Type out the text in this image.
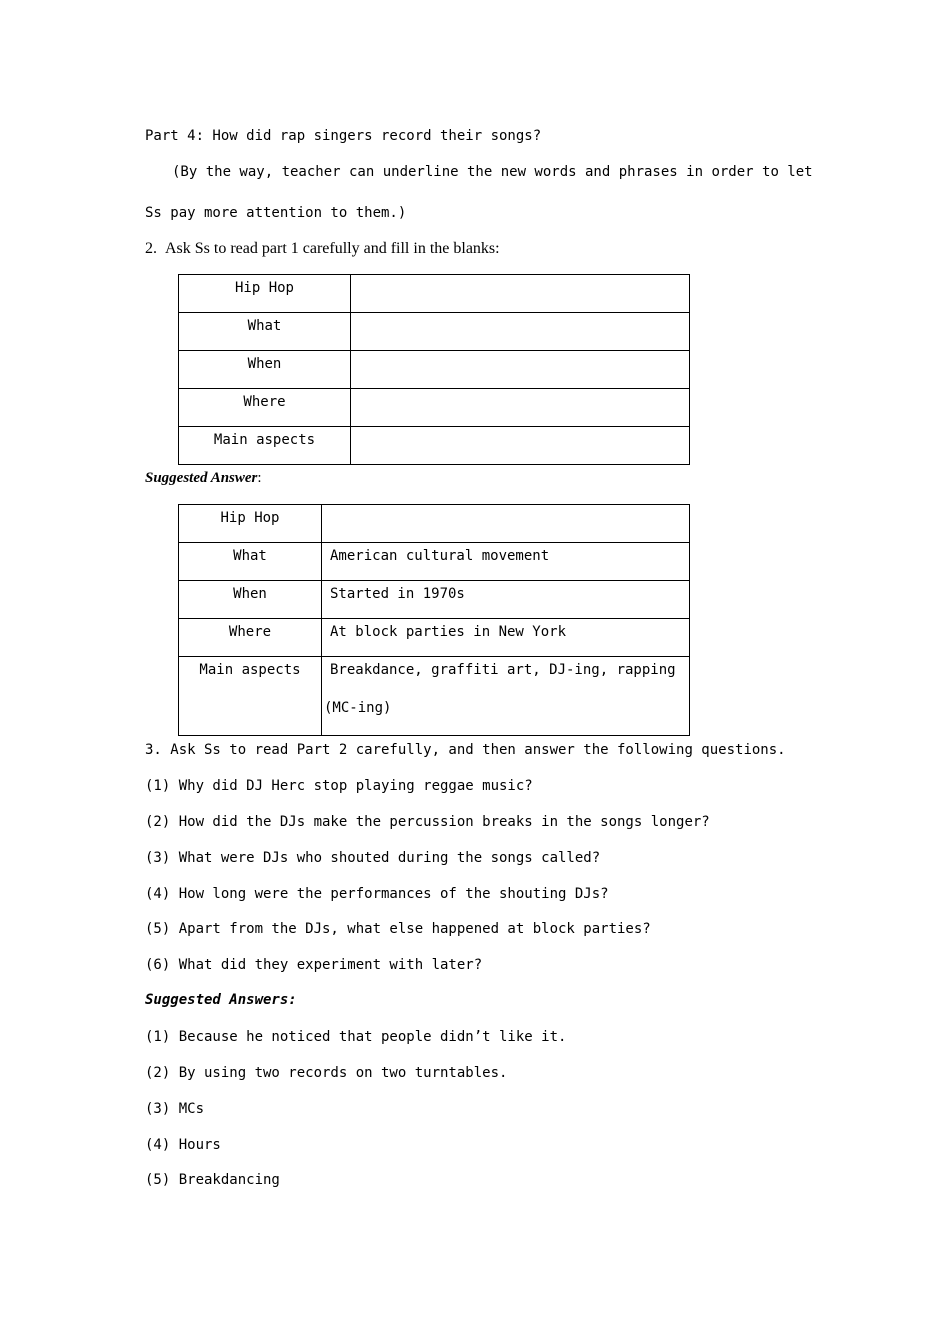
Part 4: How did rap singers record their songs?
(By the way, teacher can underline the new words and phrases in order to let
Ss pay more attention to them.)
2.  Ask Ss to read part 1 carefully and fill in the blanks:
Hip Hop	

What	

When	

Where	

Main aspects	

Suggested Answer:
Hip Hop	

What	American cultural movement

When	Started in 1970s

Where	At block parties in New York

Main aspects	Breakdance, graffiti art, DJ-ing, rapping
(MC-ing)
3. Ask Ss to read Part 2 carefully, and then answer the following questions.
(1) Why did DJ Herc stop playing reggae music?
(2) How did the DJs make the percussion breaks in the songs longer?
(3) What were DJs who shouted during the songs called?
(4) How long were the performances of the shouting DJs?
(5) Apart from the DJs, what else happened at block parties?
(6) What did they experiment with later?
Suggested Answers:
(1) Because he noticed that people didn’t like it.
(2) By using two records on two turntables.
(3) MCs
(4) Hours
(5) Breakdancing
